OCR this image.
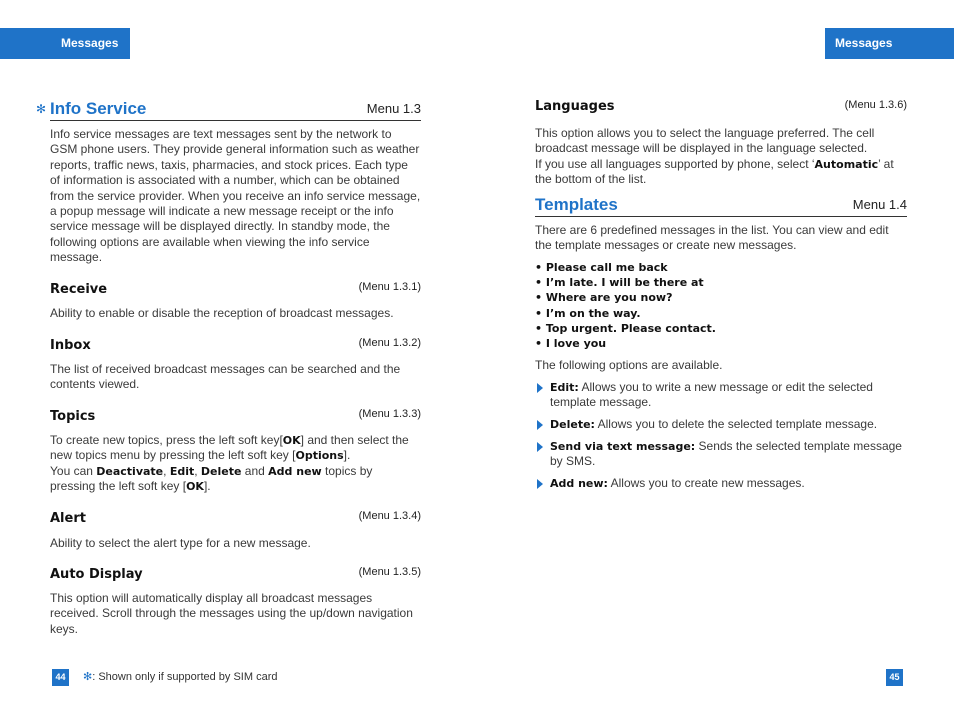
Messages	Messages
✻ Info Service	Menu 1.3

Info service messages are text messages sent by the network to GSM phone users. They provide general information such as weather reports, traffic news, taxis, pharmacies, and stock prices. Each type of information is associated with a number, which can be obtained from the service provider. When you receive an info service message, a popup message will indicate a new message receipt or the info service message will be displayed directly. In standby mode, the following options are available when viewing the info service message.

Receive	(Menu 1.3.1)

Ability to enable or disable the reception of broadcast messages.

Inbox	(Menu 1.3.2)

The list of received broadcast messages can be searched and the contents viewed.

Topics	(Menu 1.3.3)

To create new topics, press the left soft key[OK] and then select the new topics menu by pressing the left soft key [Options].
You can Deactivate, Edit, Delete and Add new topics by pressing the left soft key [OK].

Alert	(Menu 1.3.4)

Ability to select the alert type for a new message.

Auto Display	(Menu 1.3.5)

This option will automatically display all broadcast messages received. Scroll through the messages using the up/down navigation keys.

Languages	(Menu 1.3.6)

This option allows you to select the language preferred. The cell broadcast message will be displayed in the language selected.
If you use all languages supported by phone, select ‘Automatic’ at the bottom of the list.

Templates	Menu 1.4

There are 6 predefined messages in the list. You can view and edit the template messages or create new messages.

• Please call me back
• I’m late. I will be there at
• Where are you now?
• I’m on the way.
• Top urgent. Please contact.
• I love you

The following options are available.

Edit: Allows you to write a new message or edit the selected template message.
Delete: Allows you to delete the selected template message.
Send via text message: Sends the selected template message by SMS.
Add new: Allows you to create new messages.
44	✻: Shown only if supported by SIM card	45
